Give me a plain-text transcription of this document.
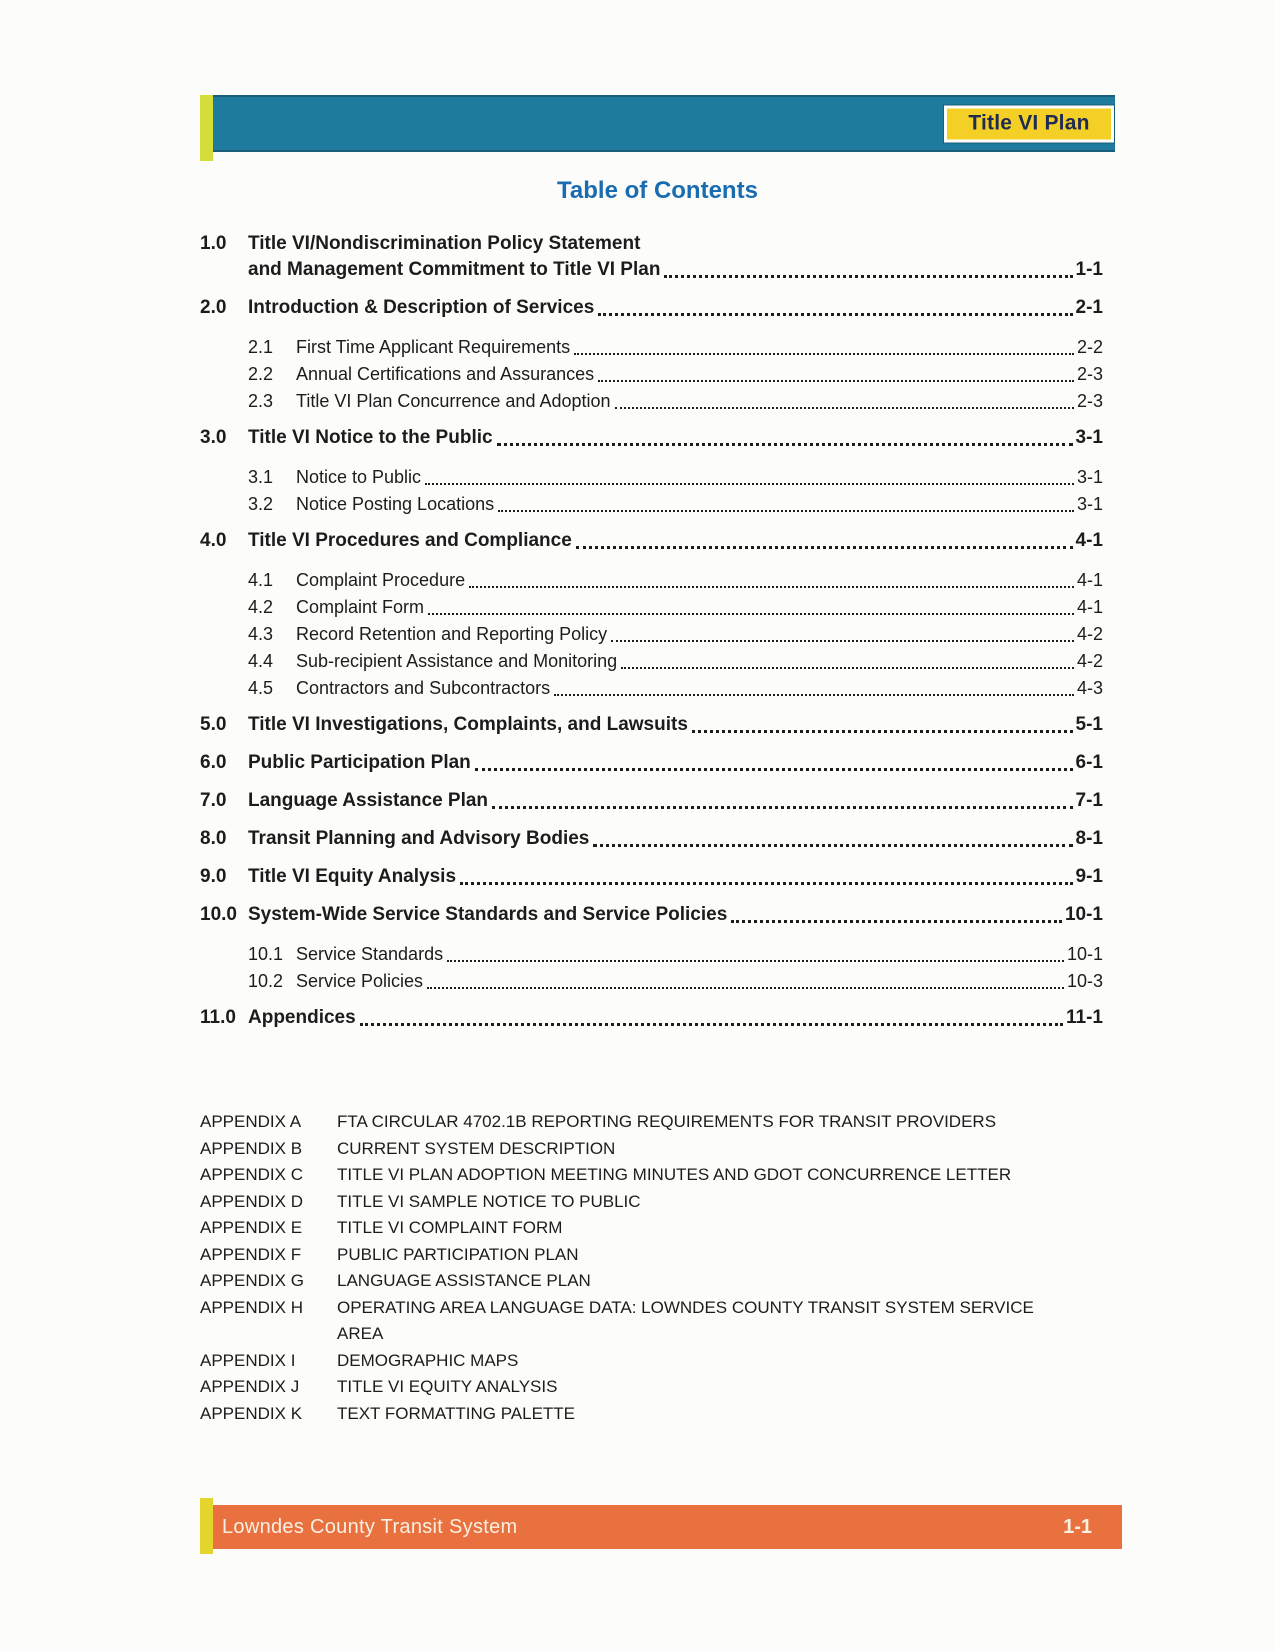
Title VI Plan
Table of Contents
1.0	Title VI/Nondiscrimination Policy Statement
and Management Commitment to Title VI Plan	1-1
2.0	Introduction & Description of Services	2-1
2.1	First Time Applicant Requirements	2-2
2.2	Annual Certifications and Assurances	2-3
2.3	Title VI Plan Concurrence and Adoption	2-3
3.0	Title VI Notice to the Public	3-1
3.1	Notice to Public	3-1
3.2	Notice Posting Locations	3-1
4.0	Title VI Procedures and Compliance	4-1
4.1	Complaint Procedure	4-1
4.2	Complaint Form	4-1
4.3	Record Retention and Reporting Policy	4-2
4.4	Sub-recipient Assistance and Monitoring	4-2
4.5	Contractors and Subcontractors	4-3
5.0	Title VI Investigations, Complaints, and Lawsuits	5-1
6.0	Public Participation Plan	6-1
7.0	Language Assistance Plan	7-1
8.0	Transit Planning and Advisory Bodies	8-1
9.0	Title VI Equity Analysis	9-1
10.0 System-Wide Service Standards and Service Policies	10-1
10.1 Service Standards	10-1
10.2 Service Policies	10-3
11.0 Appendices	11-1
APPENDIX A	FTA CIRCULAR 4702.1B REPORTING REQUIREMENTS FOR TRANSIT PROVIDERS
APPENDIX B	CURRENT SYSTEM DESCRIPTION
APPENDIX C	TITLE VI PLAN ADOPTION MEETING MINUTES AND GDOT CONCURRENCE LETTER
APPENDIX D	TITLE VI SAMPLE NOTICE TO PUBLIC
APPENDIX E	TITLE VI COMPLAINT FORM
APPENDIX F	PUBLIC PARTICIPATION PLAN
APPENDIX G	LANGUAGE ASSISTANCE PLAN
APPENDIX H	OPERATING AREA LANGUAGE DATA: LOWNDES COUNTY TRANSIT SYSTEM SERVICE AREA
APPENDIX I	DEMOGRAPHIC MAPS
APPENDIX J	TITLE VI EQUITY ANALYSIS
APPENDIX K	TEXT FORMATTING PALETTE
Lowndes County Transit System	1-1
